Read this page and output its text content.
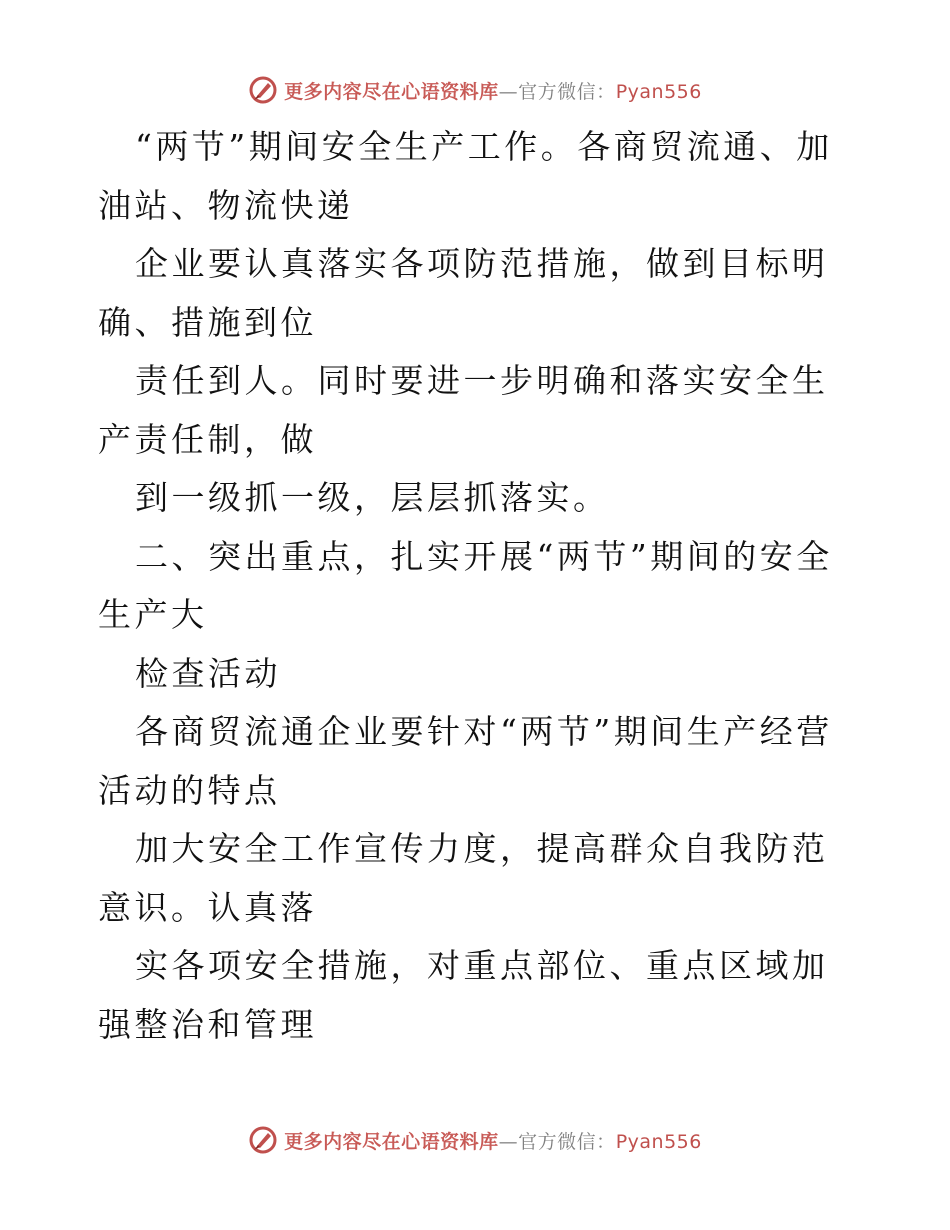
更多内容尽在心语资料库—官方微信：Pyan556

“两节”期间安全生产工作。各商贸流通、加油站、物流快递

企业要认真落实各项防范措施，做到目标明确、措施到位

责任到人。同时要进一步明确和落实安全生产责任制，做

到一级抓一级，层层抓落实。

二、突出重点，扎实开展“两节”期间的安全生产大

检查活动

各商贸流通企业要针对“两节”期间生产经营活动的特点

加大安全工作宣传力度，提高群众自我防范意识。认真落

实各项安全措施，对重点部位、重点区域加强整治和管理

更多内容尽在心语资料库—官方微信：Pyan556
